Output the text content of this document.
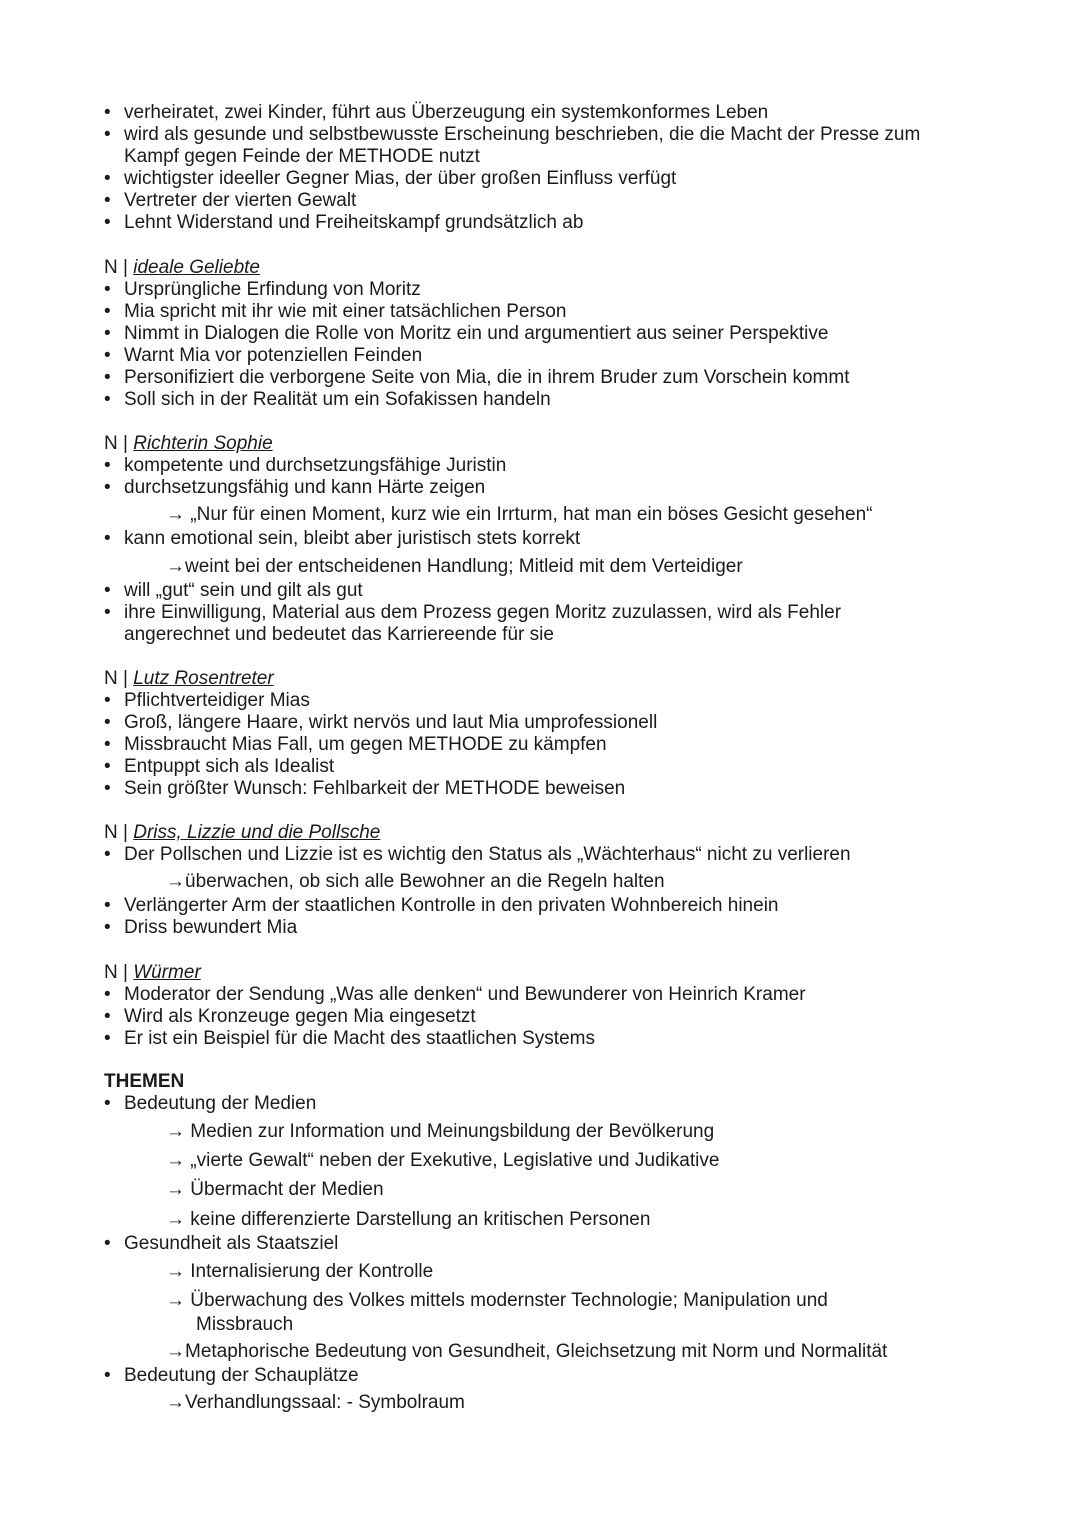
• verheiratet, zwei Kinder, führt aus Überzeugung ein systemkonformes Leben
• wird als gesunde und selbstbewusste Erscheinung beschrieben, die die Macht der Presse zum
Kampf gegen Feinde der METHODE nutzt
• wichtigster ideeller Gegner Mias, der über großen Einfluss verfügt
• Vertreter der vierten Gewalt
• Lehnt Widerstand und Freiheitskampf grundsätzlich ab
N | ideale Geliebte
• Ursprüngliche Erfindung von Moritz
• Mia spricht mit ihr wie mit einer tatsächlichen Person
• Nimmt in Dialogen die Rolle von Moritz ein und argumentiert aus seiner Perspektive
• Warnt Mia vor potenziellen Feinden
• Personifiziert die verborgene Seite von Mia, die in ihrem Bruder zum Vorschein kommt
• Soll sich in der Realität um ein Sofakissen handeln
N | Richterin Sophie
• kompetente und durchsetzungsfähige Juristin
• durchsetzungsfähig und kann Härte zeigen
→ „Nur für einen Moment, kurz wie ein Irrturm, hat man ein böses Gesicht gesehen“
• kann emotional sein, bleibt aber juristisch stets korrekt
→weint bei der entscheidenen Handlung; Mitleid mit dem Verteidiger
• will „gut“ sein und gilt als gut
• ihre Einwilligung, Material aus dem Prozess gegen Moritz zuzulassen, wird als Fehler
angerechnet und bedeutet das Karriereende für sie
N | Lutz Rosentreter
• Pflichtverteidiger Mias
• Groß, längere Haare, wirkt nervös und laut Mia umprofessionell
• Missbraucht Mias Fall, um gegen METHODE zu kämpfen
• Entpuppt sich als Idealist
• Sein größter Wunsch: Fehlbarkeit der METHODE beweisen
N | Driss, Lizzie und die Pollsche
• Der Pollschen und Lizzie ist es wichtig den Status als „Wächterhaus“ nicht zu verlieren
→überwachen, ob sich alle Bewohner an die Regeln halten
• Verlängerter Arm der staatlichen Kontrolle in den privaten Wohnbereich hinein
• Driss bewundert Mia
N | Würmer
• Moderator der Sendung „Was alle denken“ und Bewunderer von Heinrich Kramer
• Wird als Kronzeuge gegen Mia eingesetzt
• Er ist ein Beispiel für die Macht des staatlichen Systems
THEMEN
• Bedeutung der Medien
→ Medien zur Information und Meinungsbildung der Bevölkerung
→ „vierte Gewalt“ neben der Exekutive, Legislative und Judikative
→ Übermacht der Medien
→ keine differenzierte Darstellung an kritischen Personen
• Gesundheit als Staatsziel
→ Internalisierung der Kontrolle
→ Überwachung des Volkes mittels modernster Technologie; Manipulation und
Missbrauch
→Metaphorische Bedeutung von Gesundheit, Gleichsetzung mit Norm und Normalität
• Bedeutung der Schauplätze
→Verhandlungssaal: - Symbolraum
